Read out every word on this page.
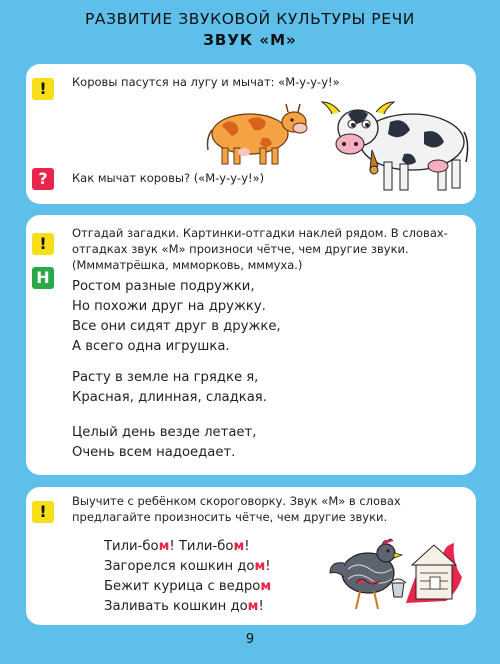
РАЗВИТИЕ ЗВУКОВОЙ КУЛЬТУРЫ РЕЧИ
ЗВУК «М»
!	Коровы пасутся на лугу и мычат: «М-у-у-у!»
?	Как мычат коровы? («М-у-у-у!»)
!
Н
Отгадай загадки. Картинки-отгадки наклей рядом. В словах-отгадках звук «М» произноси чётче, чем другие звуки. (Мммматрёшка, ммморковь, мммуха.)
Ростом разные подружки,
Но похожи друг на дружку.
Все они сидят друг в дружке,
А всего одна игрушка.
Расту в земле на грядке я,
Красная, длинная, сладкая.
Целый день везде летает,
Очень всем надоедает.
!
Выучите с ребёнком скороговорку. Звук «М» в словах предлагайте произносить чётче, чем другие звуки.
Тили-бом! Тили-бом!
Загорелся кошкин дом!
Бежит курица с ведром
Заливать кошкин дом!
9
